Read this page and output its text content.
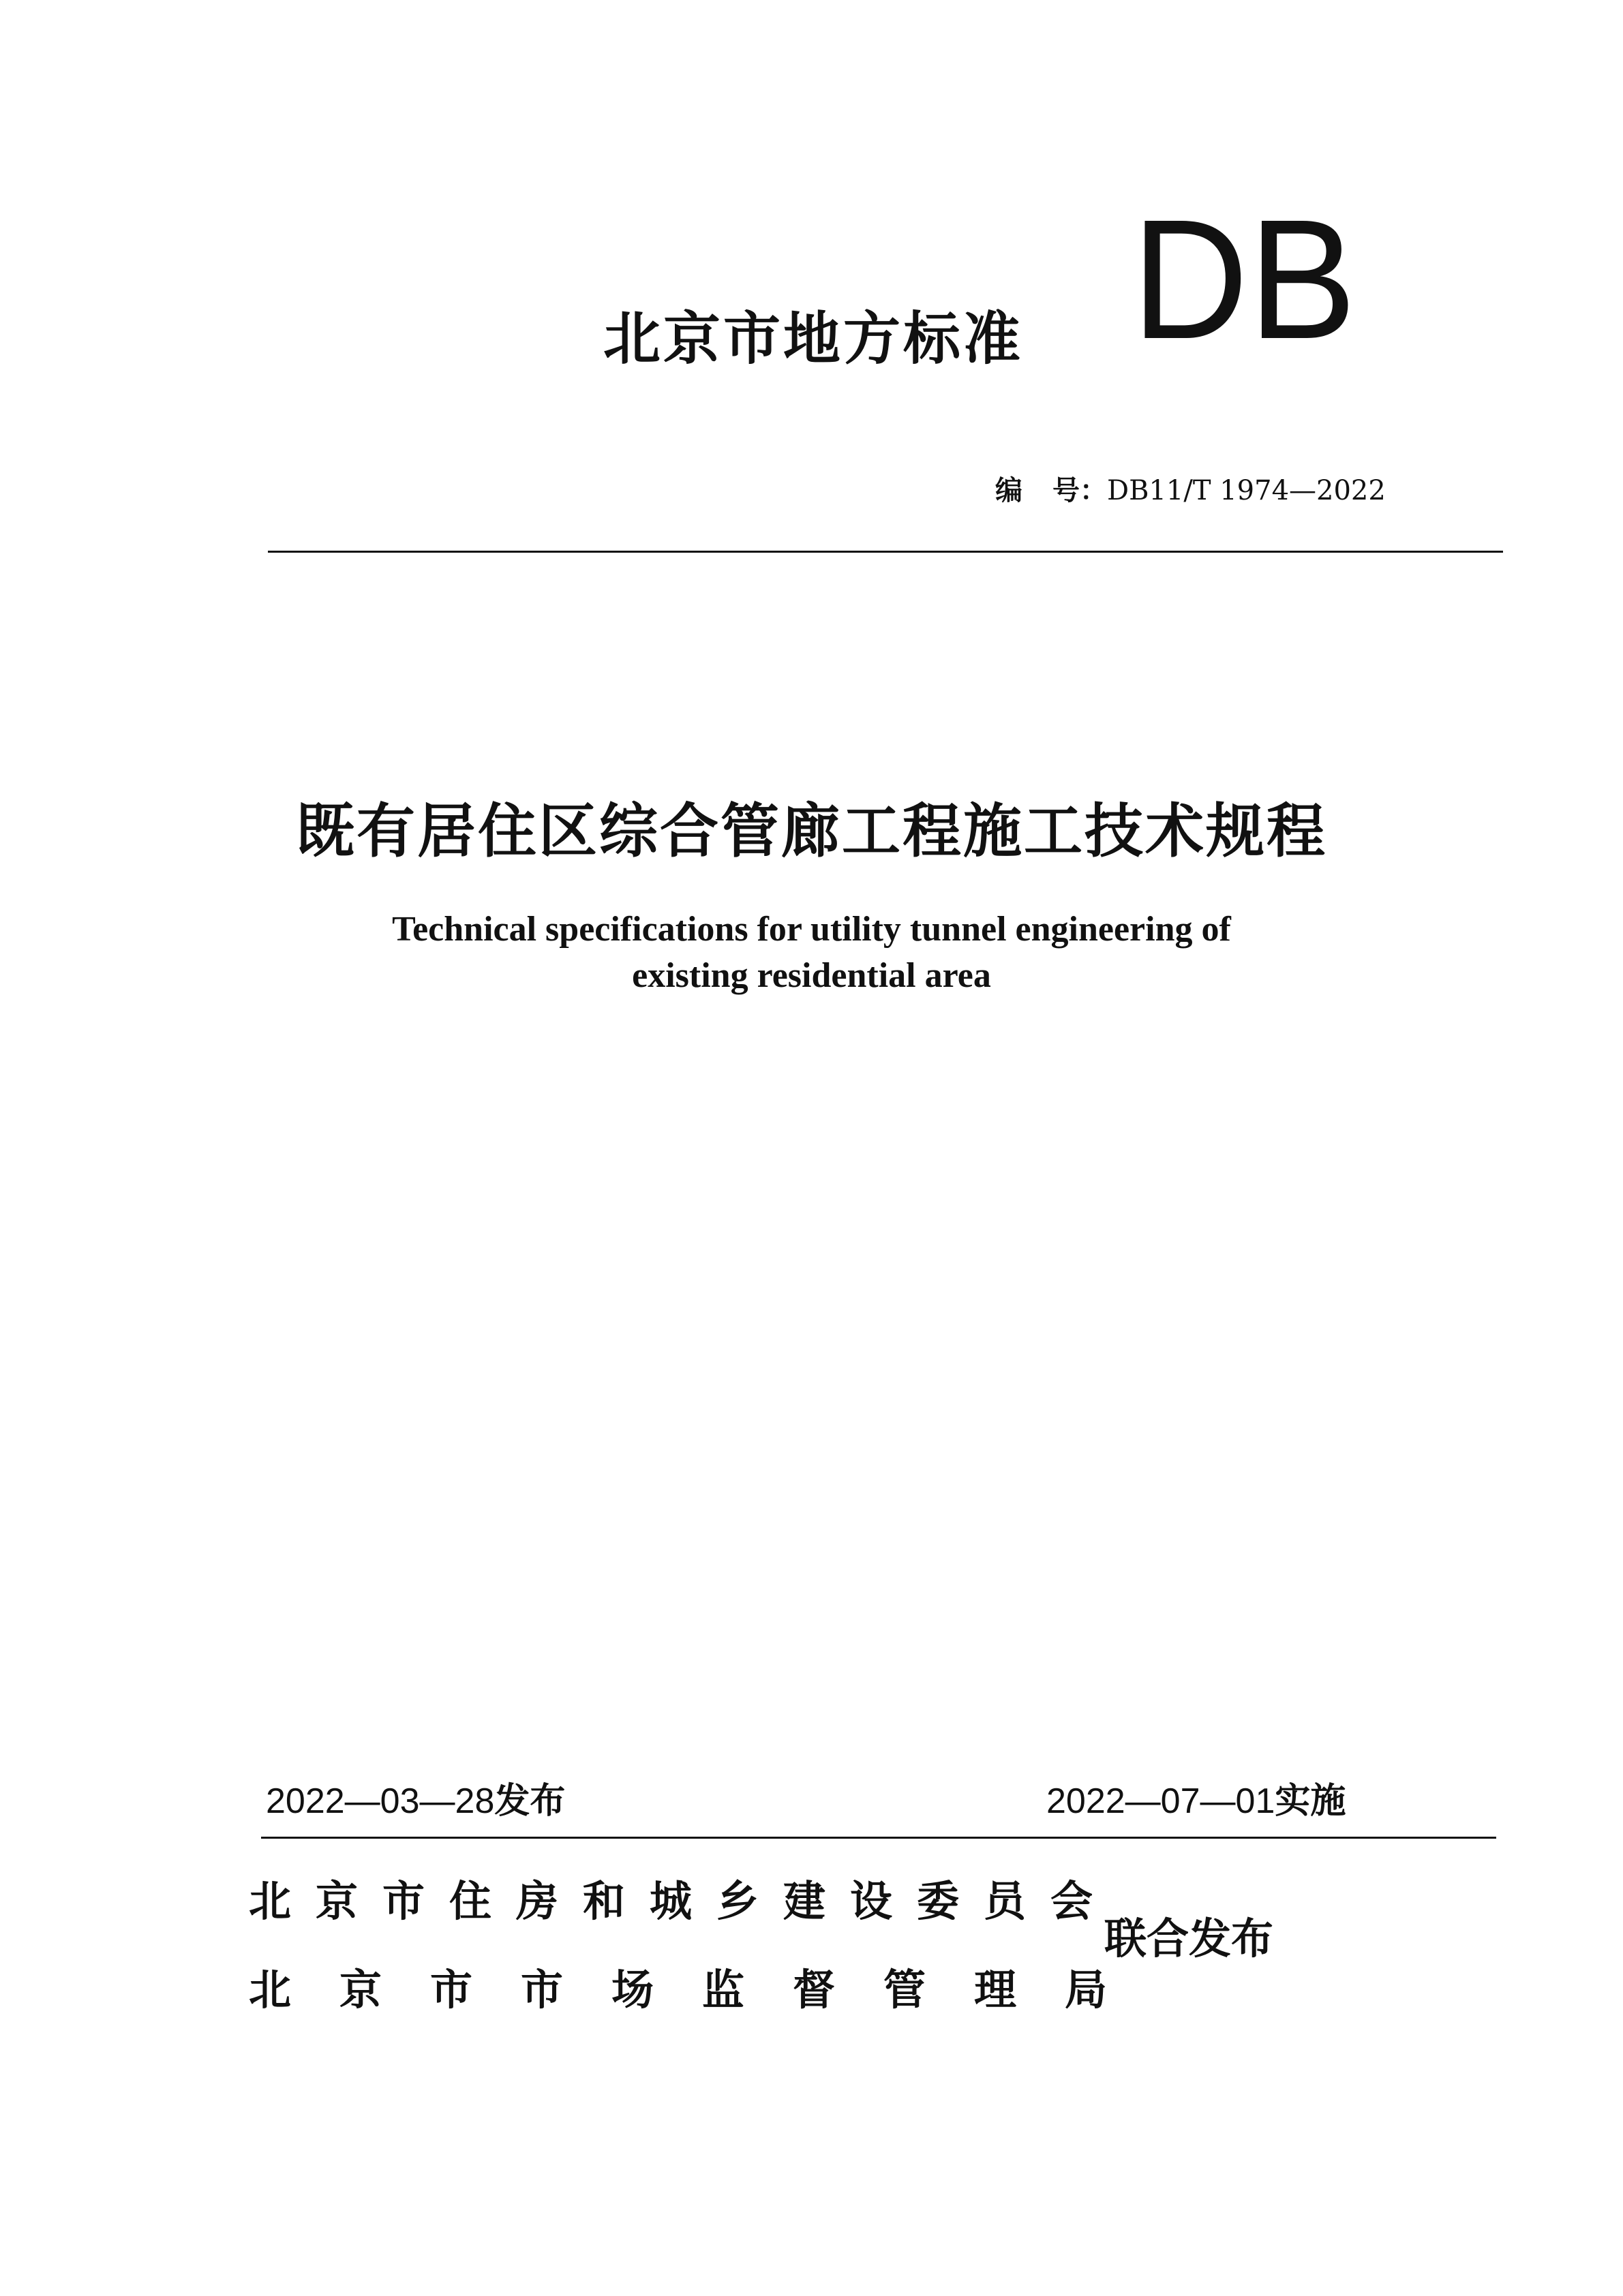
北京市地方标准 DB
编 号：DB11/T 1974—2022
既有居住区综合管廊工程施工技术规程
Technical specifications for utility tunnel engineering of
existing residential area
2022—03—28发布	2022—07—01实施
北京市住房和城乡建设委员会
北京市市场监督管理局
联合发布
